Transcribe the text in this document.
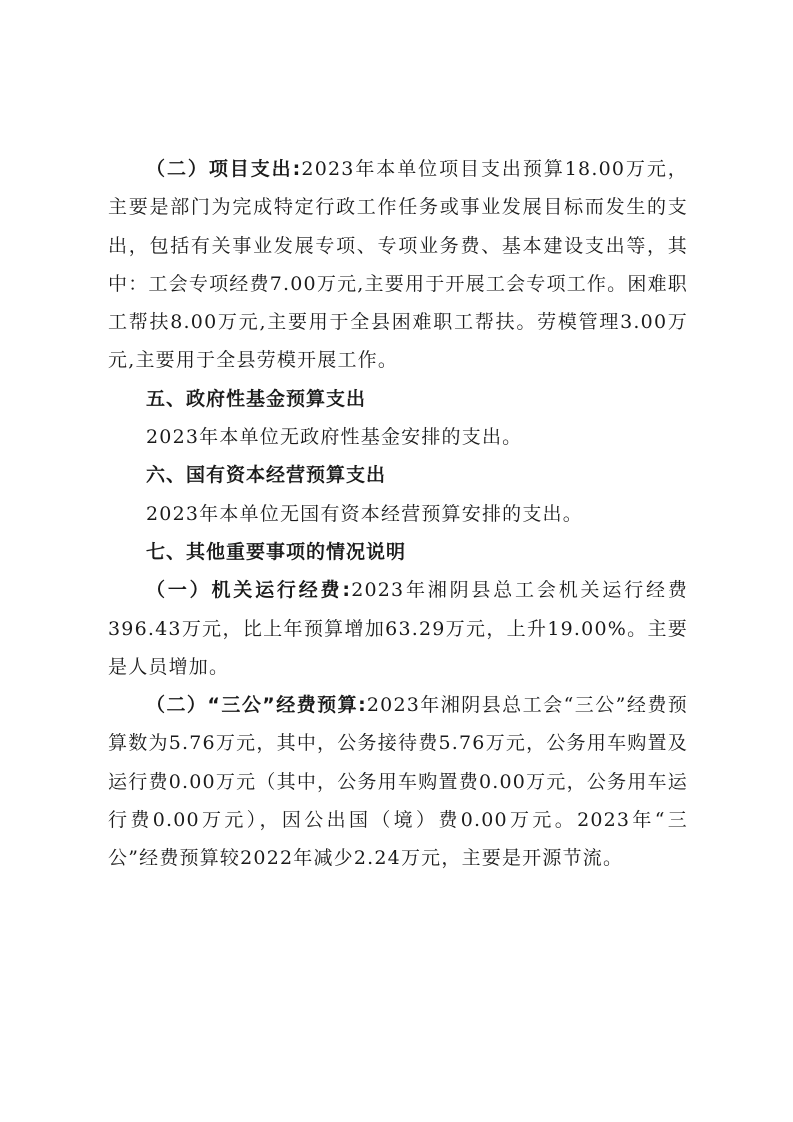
（二）项目支出:2023年本单位项目支出预算18.00万元，主要是部门为完成特定行政工作任务或事业发展目标而发生的支出，包括有关事业发展专项、专项业务费、基本建设支出等，其中：工会专项经费7.00万元,主要用于开展工会专项工作。困难职工帮扶8.00万元,主要用于全县困难职工帮扶。劳模管理3.00万元,主要用于全县劳模开展工作。

五、政府性基金预算支出

2023年本单位无政府性基金安排的支出。

六、国有资本经营预算支出

2023年本单位无国有资本经营预算安排的支出。

七、其他重要事项的情况说明

（一）机关运行经费:2023年湘阴县总工会机关运行经费396.43万元，比上年预算增加63.29万元，上升19.00%。主要是人员增加。

（二）“三公”经费预算:2023年湘阴县总工会“三公”经费预算数为5.76万元，其中，公务接待费5.76万元，公务用车购置及运行费0.00万元（其中，公务用车购置费0.00万元，公务用车运行费0.00万元），因公出国（境）费0.00万元。2023年“三公”经费预算较2022年减少2.24万元，主要是开源节流。
